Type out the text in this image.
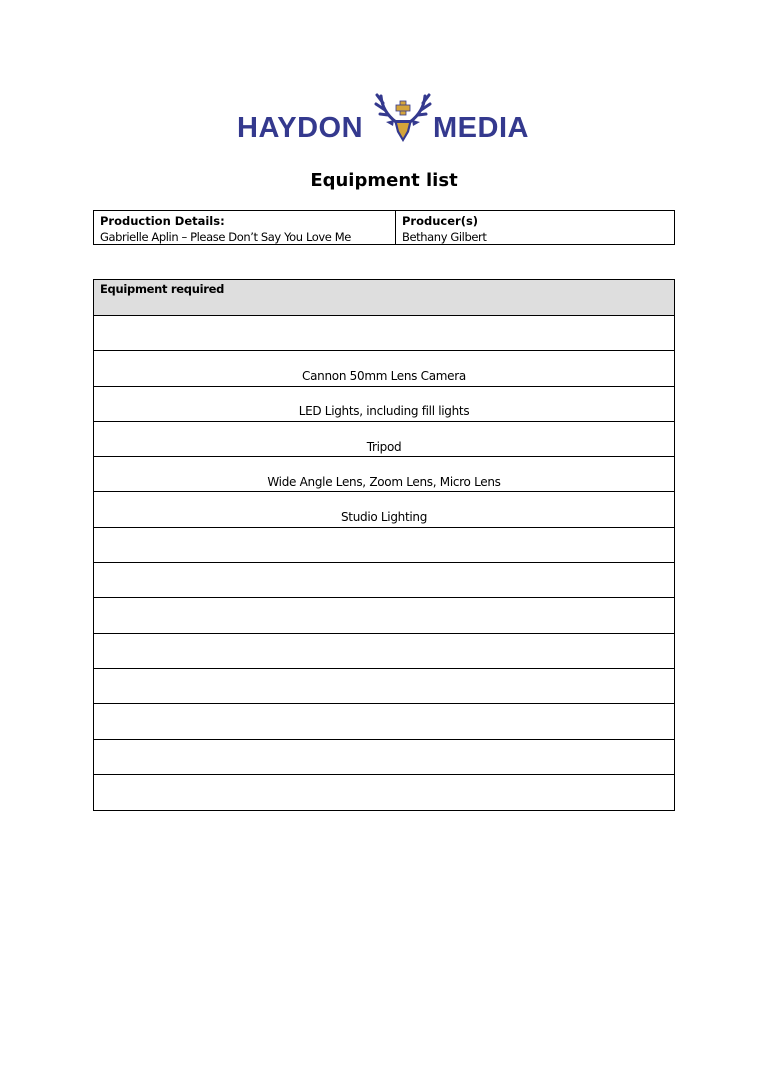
HAYDON MEDIA
Equipment list
Production Details:
Gabrielle Aplin – Please Don’t Say You Love Me
Producer(s)
Bethany Gilbert
Equipment required
Cannon 50mm Lens Camera
LED Lights, including fill lights
Tripod
Wide Angle Lens, Zoom Lens, Micro Lens
Studio Lighting
